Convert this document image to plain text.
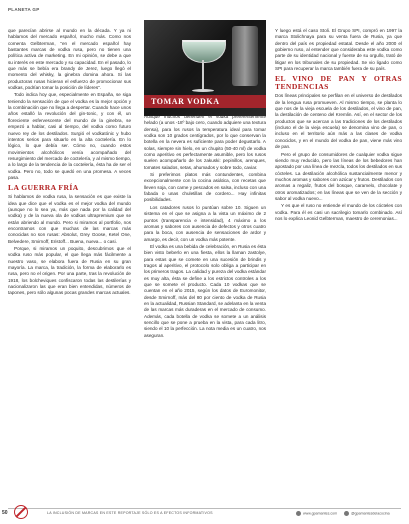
PLANETA GP

que parecían abrirse al mundo en la década. Y ya ni hablamos del mercado español, mucho más. Como nos comenta Gelbterman, "en el mercado español hay bastantes marcas de vodka rusa, pero no tienen una política activa de marketing. En mi opinión, se debe a que su interés en este mercado y su capacidad. En el pasado, lo que más se bebía era brandy de Jerez, luego llegó el momento del whisky, la ginebra domina ahora. Si las productoras rusas hicieran el esfuerzo de promocionar sus vodkas, podrían tomar la posición de líderes".

Todo indica hoy que, especialmente en España, se siga teniendo la sensación de que el vodka es la mejor opción y la combinación que no llega a despertar. Cuando hace unos años estalló la revolución del gin-tonic, y con él, un floreciente esfervescente del mundo de la ginebra, se empezó a hablar, casi al tiempo, del vodka como futuro nuevo rey de los destilados. Surgió el vodkatónic y hubo intentos serios para situarlo en la alta coctelería. En lo lógico, lo que debía ser. Cómo no, cuando estos movimientos alcohólicos venía acompañado del resurgimiento del mercado de coctelería, y al mismo tiempo, a lo largo de la tendencia de la coctelería, ésta ha de ser el vodka. Pero no, todo se quedó en una promesa. A veces pasa.

LA GUERRA FRÍA

Si hablamos de vodka rusa, la sensación es que existe la idea que dice que el vodka es el mejor vodka del mundo (aunque no lo sea ya, más que nada por la calidad del vodka) y de la nueva ola de vodkas ultrapremium que se están abriendo al mundo. Pero si miramos al portfolio, nos encontramos con que muchas de las marcas más conocidas no son rusas: Absolut, Grey Goose, Ketel One, Belvedere, Smirnoff, Eristoff... Buena, nueva... o casi.

Porque, si miramos un poquito, descubrimos que el vodka ruso más popular, el que llega más fácilmente a nuestro vaso, se elabora fuera de Rusia en su gran mayoría. La marca, la tradición, la forma de elaborarlo es rusa, pero no el origen. Por una parte, tras la revolución de 1918, los bolcheviques confiscaron todas las destilerías y nacionalizaron las que eran bien entendidas, números de tapones, pero sólo algunas pocas grandes marcas actuales.

TOMAR VODKA

Aunque muchos defienden el vodka preferentemente helado (a unos -18º bajo cero, cuando adquiere una textura densa), para los rusos la temperatura ideal para tomar vodka son 10 grados centígrados, por lo que conservan la botella en la nevera es suficiente para poder degustarlo. A solas, siempre sin hielo, en un chupito (50-40 ml) de vodka como aperitivo es perfectamente asumible, pero los rusos suelen acompañarlo de los zakuski: pepinillos, arenques, tomates salados, setas, ahumados y sobre todo, caviar.

Si preferimos platos más contundentes, combina excepcionalmente con la cocina asiática, con recetas que lleven soja, con carne y pescados en salsa, incluso con una fabada o unas chuletillas de cordero... Hay infinitas posibilidades.

Los catadores rusos lo puntúan sobre 10. Siguen un sistema en el que se asigna a la vista un máximo de 2 puntos (transparencia e intensidad), 4 máximo a los aromas y sabores con ausencia de defectos y otros cuatro para la boca, con ausencia de sensaciones de ardor y amargo, es decir, con un vodka más potente.

El vodka es una bebida de celebración, en Rusia es ésta bien visto beberlo en una fiesta, ellos la llaman zastolye, para estas que se comete en una sucesión de brindis y tragos al aperitivo, el protocolo solo obliga a participar en los primeros tragos. La calidad y pureza del vodka estándar es muy alta, ésta se define a los estrictos controles a los que se somete el producto. Cada 10 vodkas que se cuentan en el año 2015, según los datos de Euromonitor, desde Smirnoff, más del 80 por ciento de vodka de Rusia en la actualidad, Russian Standard, se adelanta en la venta de las marcas más duraderas en el mercado de consumo. Además, cada botella de vodka se somete a un análisis sencillo que se pone a prueba en la vista, para cada litro, siendo el 10 la perfección. La nota media es un cuatro, nos aseguran.

Y luego está el caso Stoli. El Grupo SPI, compró en 1997 la marca Stolichnaya para su venta fuera de Rusia, ya que dentro del país es propiedad estatal. Desde el año 2000 el gobierno ruso, al entender que consideraba este vodka como parte de su identidad nacional y fuente de su orgullo, trató de litigar en los tribunales de su propiedad. Se vio ligado como SPI para recuperar la marca también fuera de su país.

EL VINO DE PAN Y OTRAS TENDENCIAS

Dos líneas principales se perfilan en el universo de destilados de la lengua rusa promueven. Al mismo tiempo, se planta lo que nos de la vieja escuela de los destilados, el vino de pan, la destilación de centeno del Kremlin. Así, en el sector de los productos que se acercan a las tradiciones de los destilados (incluso el de la vieja escuela) se denomina vino de pan, o incluso en el territorio aún más a las clases de vodka conocidos, y en el mundo del vodka de pan, viene más vino de pan.

Pero el grupo de consumidores de cualquier vodka sigue siendo muy reducido, pero las líneas de los bebedores han apostado por una línea de mezcla, todos los destilados en sus cócteles. La destilación alcohólica sustancialmente menor y muchos aromas y sabores con azúcar y frutos. Destilados con aromas a regaliz, frutos del bosque, caramelo, chocolate y otros aromatizados; en las líneas que se ven de la sección y sabor al vodka nuevo...

Y es que el ruso no entiende el mundo de los cócteles con vodka. Para él es casi un sacrilegio tomarlo combinado. Así nos lo explica Leonid Gelbterman, maestro de ceremonias...

50	LA INCLUSIÓN DE MARCAS EN ESTE REPORTAJE SÓLO ES A EFECTOS INFORMATIVOS	www.gpamantes.com	@gpamantesdelacocina
